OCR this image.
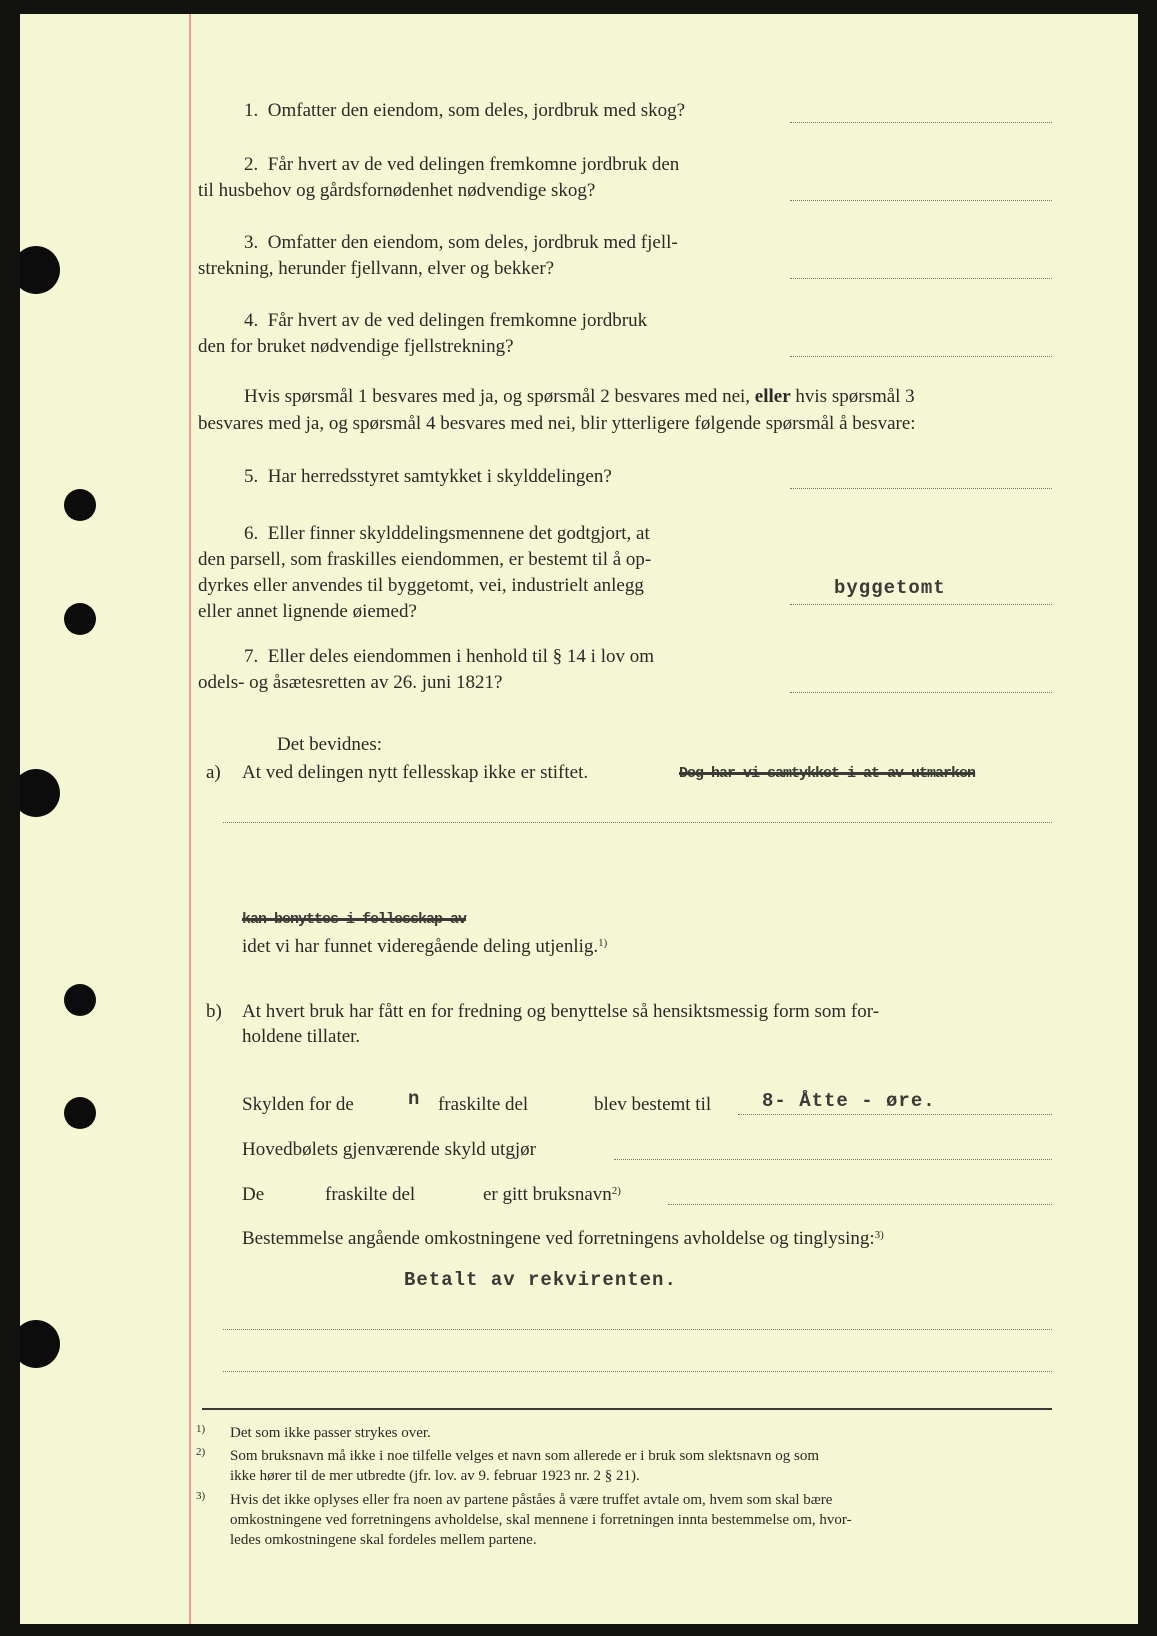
1. Omfatter den eiendom, som deles, jordbruk med skog?

2. Får hvert av de ved delingen fremkomne jordbruk den

til husbehov og gårdsfornødenhet nødvendige skog?

3. Omfatter den eiendom, som deles, jordbruk med fjell-

strekning, herunder fjellvann, elver og bekker?

4. Får hvert av de ved delingen fremkomne jordbruk

den for bruket nødvendige fjellstrekning?

Hvis spørsmål 1 besvares med ja, og spørsmål 2 besvares med nei, eller hvis spørsmål 3
besvares med ja, og spørsmål 4 besvares med nei, blir ytterligere følgende spørsmål å besvare:
5. Har herredsstyret samtykket i skylddelingen?

6. Eller finner skylddelingsmennene det godtgjort, at

den parsell, som fraskilles eiendommen, er bestemt til å op-

dyrkes eller anvendes til byggetomt, vei, industrielt anlegg

eller annet lignende øiemed?

byggetomt

7. Eller deles eiendommen i henhold til § 14 i lov om

odels- og åsætesretten av 26. juni 1821?

Det bevidnes:
a) At ved delingen nytt fellesskap ikke er stiftet.	Dog har vi samtykket i at av utmarken
kan benyttes i fellesskap av
idet vi har funnet videregående deling utjenlig.$^{1)}$
b) At hvert bruk har fått en for fredning og benyttelse så hensiktsmessig form som for-
holdene tillater.
Skylden for de	n fraskilte del	blev bestemt til	8- Åtte - øre.
Hovedbølets gjenværende skyld utgjør
De	fraskilte del	er gitt bruksnavn$^{2)}$
Bestemmelse angående omkostningene ved forretningens avholdelse og tinglysing:$^{3)}$
Betalt av rekvirenten.
1) Det som ikke passer strykes over.
2) Som bruksnavn må ikke i noe tilfelle velges et navn som allerede er i bruk som slektsnavn og som
ikke hører til de mer utbredte (jfr. lov. av 9. februar 1923 nr. 2 § 21).
3) Hvis det ikke oplyses eller fra noen av partene påståes å være truffet avtale om, hvem som skal bære
omkostningene ved forretningens avholdelse, skal mennene i forretningen innta bestemmelse om, hvor-
ledes omkostningene skal fordeles mellem partene.
